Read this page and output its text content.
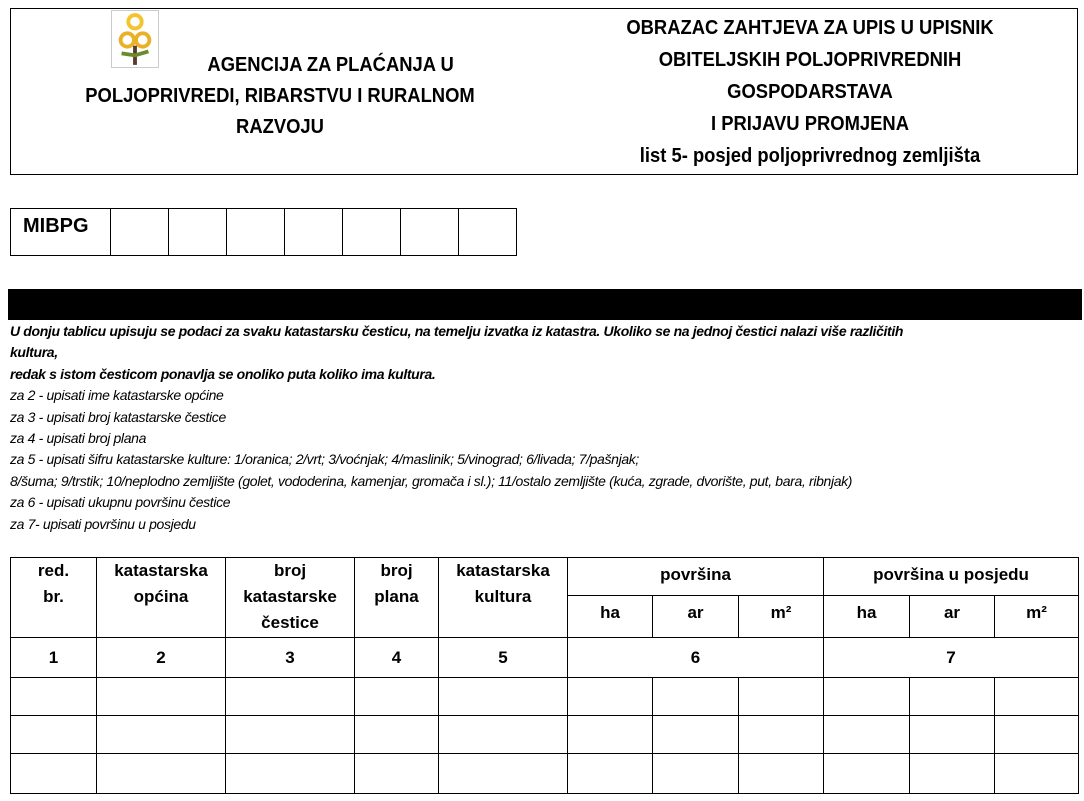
AGENCIJA ZA PLAĆANJA U
POLJOPRIVREDI, RIBARSTVU I RURALNOM
RAZVOJU
OBRAZAC ZAHTJEVA ZA UPIS U UPISNIK
OBITELJSKIH POLJOPRIVREDNIH
GOSPODARSTAVA
I PRIJAVU PROMJENA
list 5- posjed poljoprivrednog zemljišta
MIBPG
U donju tablicu upisuju se podaci za svaku katastarsku česticu, na temelju izvatka iz katastra. Ukoliko se na jednoj čestici nalazi više različitih
kultura,
redak s istom česticom ponavlja se onoliko puta koliko ima kultura.
za 2 - upisati ime katastarske općine
za 3 - upisati broj katastarske čestice
za 4 - upisati broj plana
za 5 - upisati šifru katastarske kulture: 1/oranica; 2/vrt; 3/voćnjak; 4/maslinik; 5/vinograd; 6/livada; 7/pašnjak;
8/šuma; 9/trstik; 10/neplodno zemljište (golet, vododerina, kamenjar, gromača i sl.); 11/ostalo zemljište (kuća, zgrade, dvorište, put, bara, ribnjak)
za 6 - upisati ukupnu površinu čestice
za 7- upisati površinu u posjedu
red. br.	katastarska općina	broj katastarske čestice	broj plana	katastarska kultura	površina			površina u posjedu		
					ha	ar	m²	ha	ar	m²
1	2	3	4	5	6			7		
